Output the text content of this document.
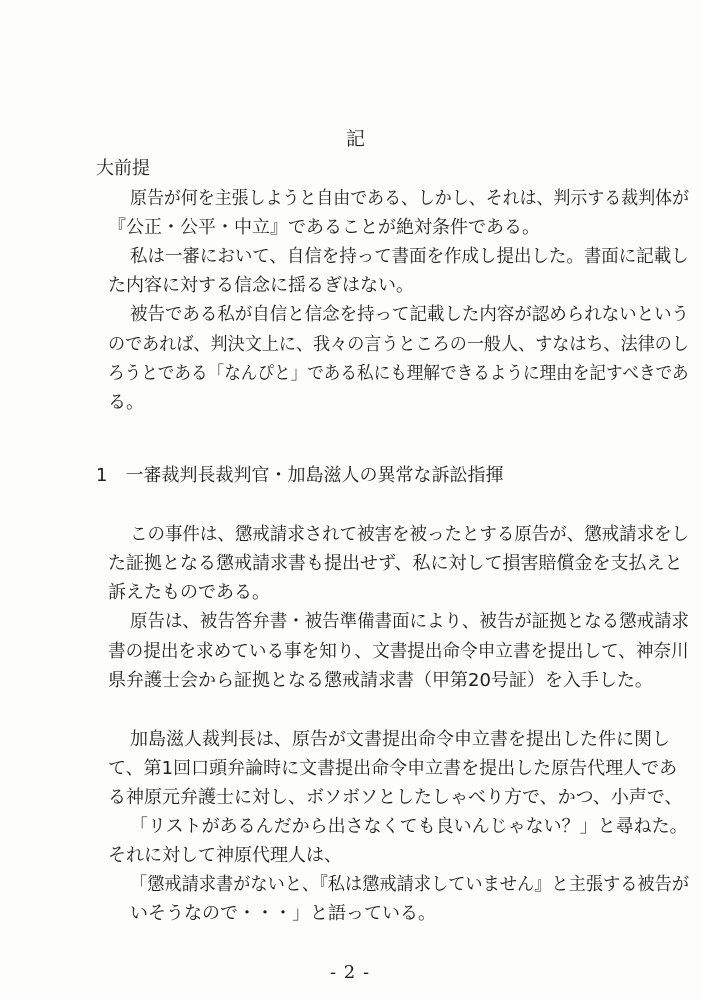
記
大前提
原告が何を主張しようと自由である、しかし、それは、判示する裁判体が
『公正・公平・中立』であることが絶対条件である。
私は一審において、自信を持って書面を作成し提出した。書面に記載し
た内容に対する信念に揺るぎはない。
被告である私が自信と信念を持って記載した内容が認められないという
のであれば、判決文上に、我々の言うところの一般人、すなはち、法律のし
ろうとである「なんぴと」である私にも理解できるように理由を記すべきであ
る。
1　一審裁判長裁判官・加島滋人の異常な訴訟指揮
この事件は、懲戒請求されて被害を被ったとする原告が、懲戒請求をし
た証拠となる懲戒請求書も提出せず、私に対して損害賠償金を支払えと
訴えたものである。
原告は、被告答弁書・被告準備書面により、被告が証拠となる懲戒請求
書の提出を求めている事を知り、文書提出命令申立書を提出して、神奈川
県弁護士会から証拠となる懲戒請求書（甲第20号証）を入手した。
加島滋人裁判長は、原告が文書提出命令申立書を提出した件に関し
て、第1回口頭弁論時に文書提出命令申立書を提出した原告代理人であ
る神原元弁護士に対し、ボソボソとしたしゃべり方で、かつ、小声で、
「リストがあるんだから出さなくても良いんじゃない？」と尋ねた。
それに対して神原代理人は、
「懲戒請求書がないと、『私は懲戒請求していません』と主張する被告が
いそうなので・・・」と語っている。
- 2 -
